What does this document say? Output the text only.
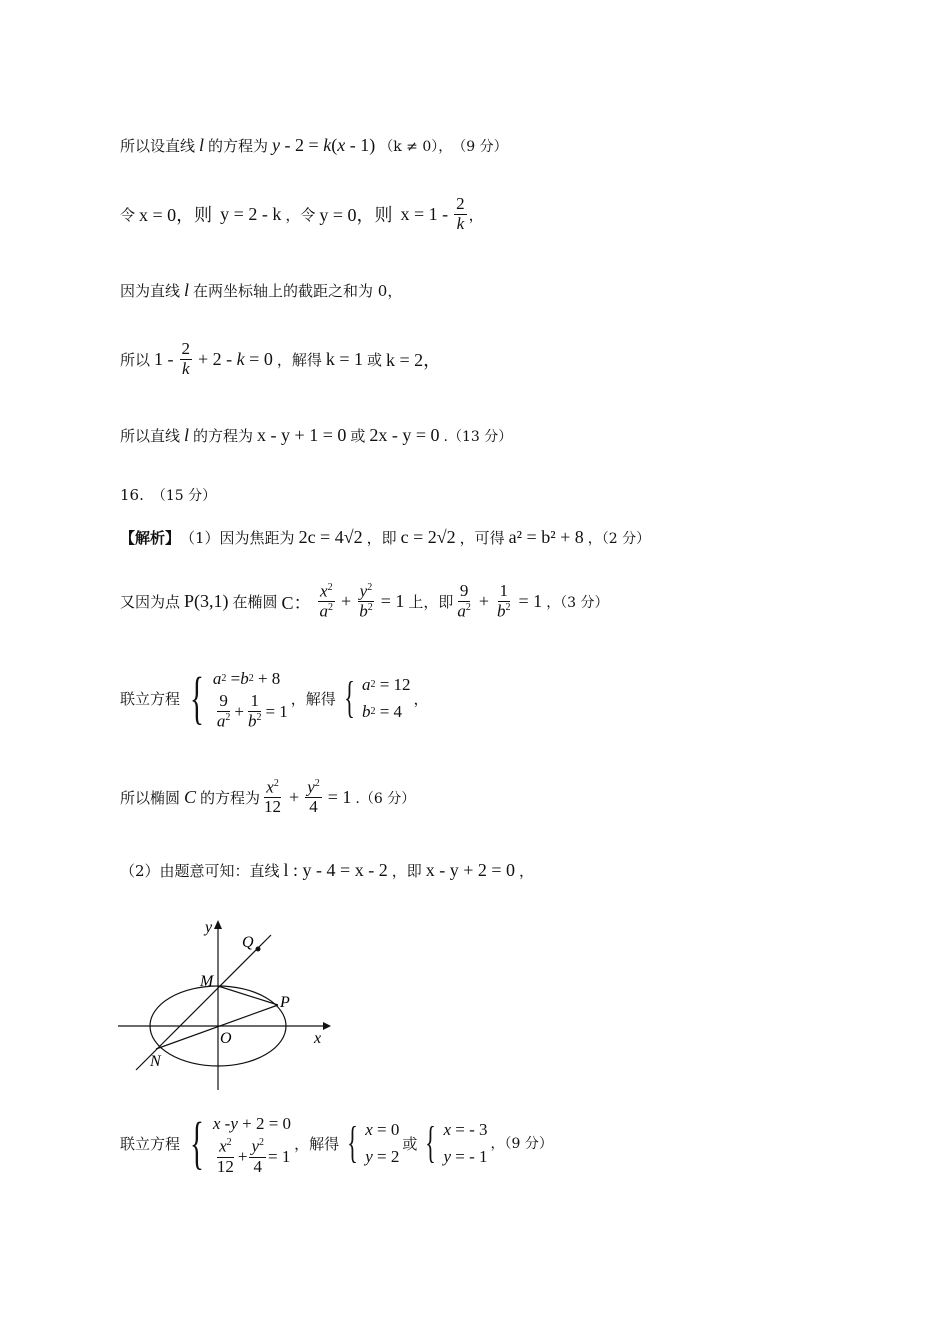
所以设直线 l 的方程为 y - 2 = k(x - 1) （k ≠ 0）， （9 分）
令 x = 0，则 y = 2 - k ，令 y = 0，则 $x = 1 - \frac{2}{k}$ ，
因为直线 l 在两坐标轴上的截距之和为 0，
所以 $1 - \frac{2}{k} + 2 - k = 0$ ，解得 k = 1 或 k = 2，
所以直线 l 的方程为 x - y + 1 = 0 或 2x - y = 0 .（13 分）
16. （15 分）
【解析】 （1）因为焦距为 2c = 4√2 ，即 c = 2√2 ，可得 a² = b² + 8 ，（2 分）
又因为点 P(3,1) 在椭圆 C： $\frac{x^2}{a^2} + \frac{y^2}{b^2} = 1$ 上，即 $\frac{9}{a^2} + \frac{1}{b^2} = 1$ ，（3 分）
联立方程 { a 2 = b 2 + 8
$\frac{9}{a^2} + \frac{1}{b^2} = 1$
，解得 { a 2 = 12
b 2 = 4
，
所以椭圆 C 的方程为 $\frac{x^2}{12} + \frac{y^2}{4} = 1$ .（6 分）
（2）由题意可知：直线 l : y - 4 = x - 2 ，即 x - y + 2 = 0 ，
y
x
Q
M
P
O
N
联立方程 { x - y + 2 = 0
$\frac{x^2}{12} + \frac{y^2}{4} = 1$
，解得 { x = 0
y = 2
或 { x = - 3
y = - 1
，（9 分）
